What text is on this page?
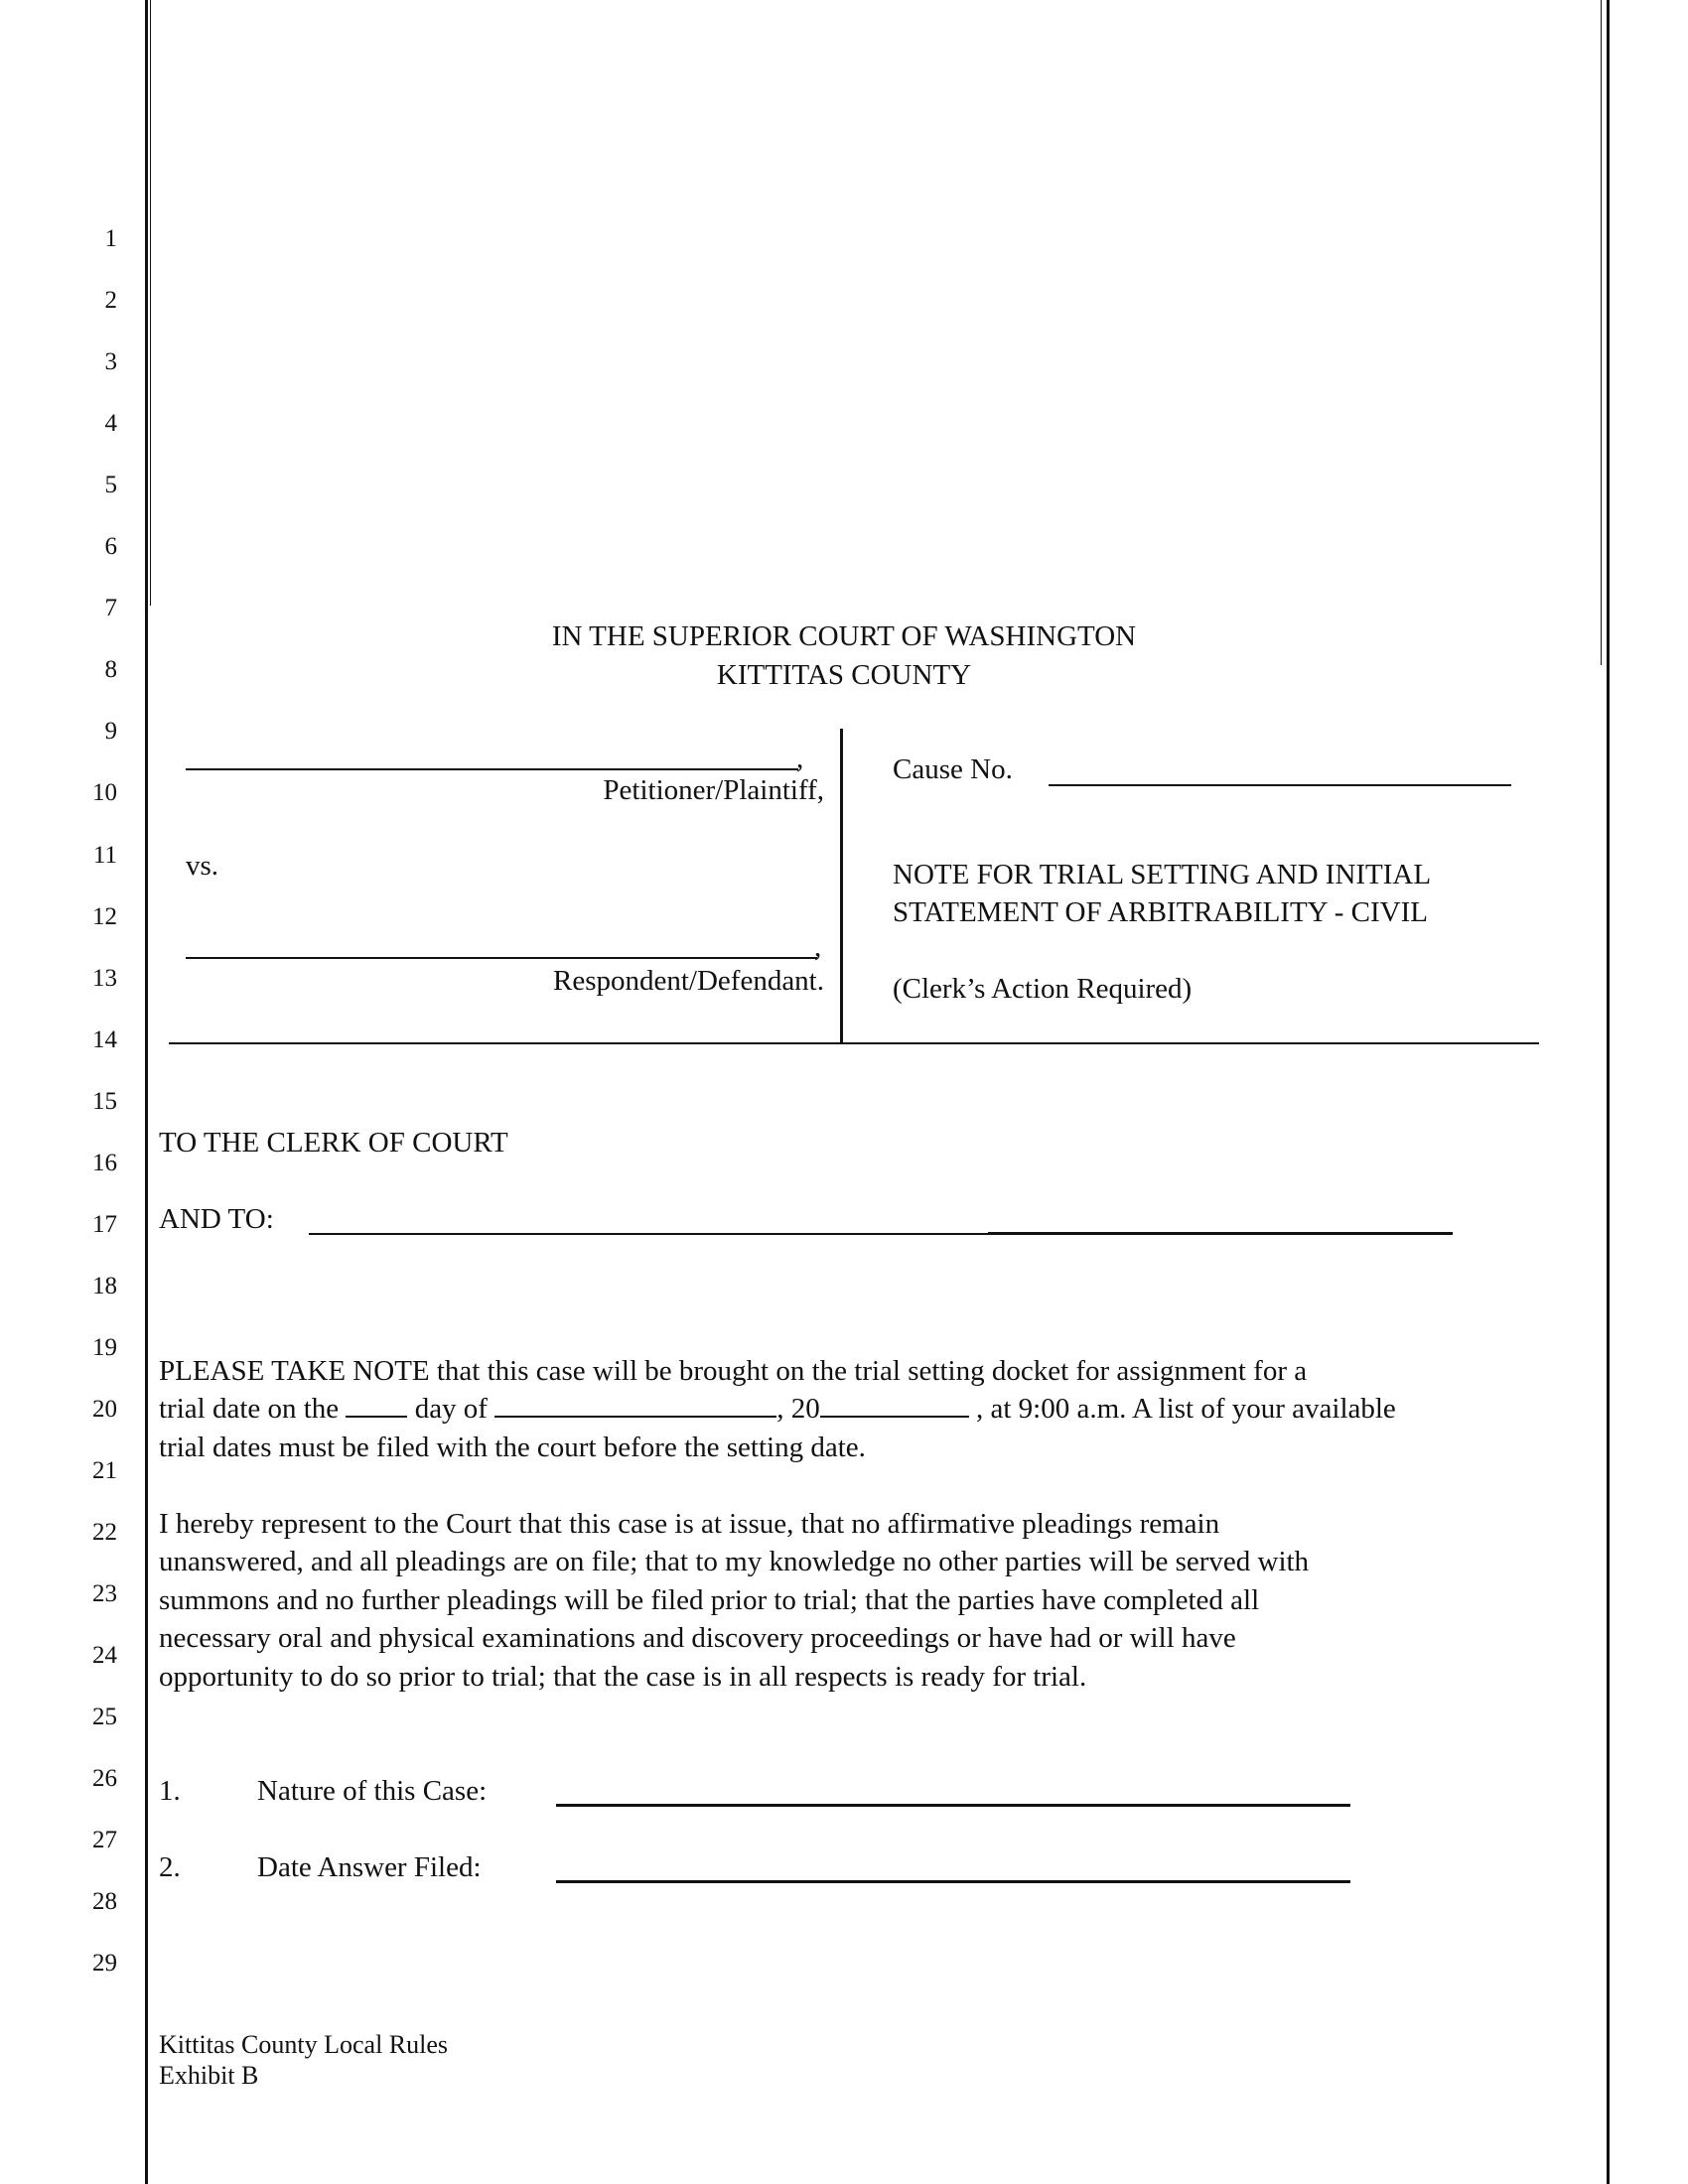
1
2
3
4
5
6
7
8
9
10
11
12
13
14
15
16
17
18
19
20
21
22
23
24
25
26
27
28
29
IN THE SUPERIOR COURT OF WASHINGTON
KITTITAS COUNTY
,
Petitioner/Plaintiff,
vs.
,
Respondent/Defendant.
Cause No.
NOTE FOR TRIAL SETTING AND INITIAL
STATEMENT OF ARBITRABILITY - CIVIL
(Clerk’s Action Required)
TO THE CLERK OF COURT
AND TO:
PLEASE TAKE NOTE that this case will be brought on the trial setting docket for assignment for a
trial date on the	day of	, 20	, at 9:00 a.m. A list of your available
trial dates must be filed with the court before the setting date.
I hereby represent to the Court that this case is at issue, that no affirmative pleadings remain
unanswered, and all pleadings are on file; that to my knowledge no other parties will be served with
summons and no further pleadings will be filed prior to trial; that the parties have completed all
necessary oral and physical examinations and discovery proceedings or have had or will have
opportunity to do so prior to trial; that the case is in all respects is ready for trial.
1.	Nature of this Case:
2.	Date Answer Filed:
Kittitas County Local Rules
Exhibit B
